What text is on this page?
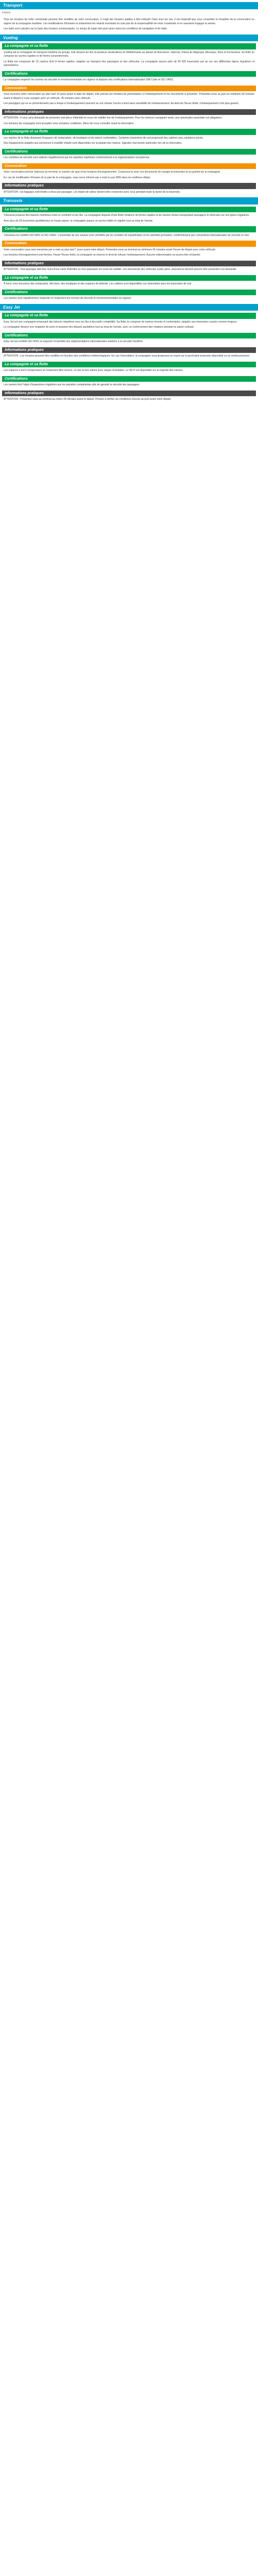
Transport
4 items

Tous les horaires de cette commande peuvent être modifiés de votre convocation. Il s'agit des horaires publiés à titre indicatif. Dans tous les cas, il est impératif que vous consultiez la réception de la convocation ou auprès de la compagnie maritime. Les modifications d'horaires et notamment les retards éventuels ne sont pas de la responsabilité de votre croisiériste et ne sauraient engager la sienne.

Les tarifs sont calculés sur la base des horaires communiqués. Le temps de trajet réel peut varier selon les conditions de navigation et de trafic.

Vueling
La compagnie et sa flotte

Vueling est la compagnie de transport maritime du groupe. Elle dessert les îles et plusieurs destinations en Méditerranée au départ de Barcelone, Valencia, Palma de Majorque, Minorque, Ibiza et Formentera. Sa flotte se compose de navires rapides et de ferries conventionnels.

La flotte est composée de 22 navires dont 8 ferries rapides, adaptés au transport des passagers et des véhicules. La compagnie assure près de 40 000 traversées par an sur ses différentes lignes régulières et saisonnières.

Certifications

La compagnie respecte les normes de sécurité et environnementales en vigueur et dispose des certifications internationales ISM Code et ISO 14001.

Convocation

Vous recevrez votre convocation au plus tard 10 jours avant la date de départ. Elle précise les horaires de présentation à l'embarquement et les documents à présenter. Présentez-vous au port au minimum 90 minutes avant le départ si vous voyagez avec un véhicule, 45 minutes sans véhicule.

Les passagers qui ne se présenteraient pas à temps à l'embarquement pourront se voir refuser l'accès à bord sans possibilité de remboursement. Au-delà de l'heure limite, l'embarquement n'est plus garanti.

Informations pratiques

ATTENTION : Il vous sera demandé de présenter une pièce d'identité en cours de validité lors de l'embarquement. Pour les mineurs voyageant seuls, une autorisation parentale est obligatoire.

Les animaux de compagnie sont acceptés sous certaines conditions. Merci de nous consulter avant la réservation.

La compagnie et sa flotte

Les navires de la flotte disposent d'espaces de restauration, de boutiques et de salons confortables. Certaines traversées de nuit proposent des cabines avec sanitaires privés.

Des équipements adaptés aux personnes à mobilité réduite sont disponibles sur la plupart des navires. Signalez tout besoin particulier lors de la réservation.

Certifications

Les contrôles de sécurité sont réalisés régulièrement par les autorités maritimes conformément à la réglementation européenne.

Convocation

Votre convocation précise l'adresse du terminal, le numéro de quai et les horaires d'enregistrement. Conservez-la avec vos documents de voyage et présentez-la au guichet de la compagnie.

En cas de modification d'horaire de la part de la compagnie, vous serez informé par e-mail ou par SMS dans les meilleurs délais.

Informations pratiques

ATTENTION : les bagages sont limités à deux par passager. Les objets de valeur doivent être conservés avec vous pendant toute la durée de la traversée.

Transavia
La compagnie et sa flotte

Transavia propose des liaisons maritimes entre le continent et les îles. La compagnie dispose d'une flotte moderne de ferries rapides et de navires mixtes transportant passagers et véhicules sur ses lignes régulières.

Avec plus de 35 traversées quotidiennes en haute saison, la compagnie assure un service fiable et régulier tout au long de l'année.

Certifications

Transavia est certifiée ISO 9001 et ISO 14001. L'ensemble de ses navires sont contrôlés par les sociétés de classification et les autorités portuaires, conformément aux conventions internationales de sécurité en mer.

Convocation

Votre convocation vous sera transmise par e-mail au plus tard 7 jours avant votre départ. Présentez-vous au terminal au minimum 60 minutes avant l'heure de départ avec votre véhicule.

Les horaires d'enregistrement sont fermes. Passé l'heure limite, la compagnie se réserve le droit de refuser l'embarquement. Aucune indemnisation ne pourra être réclamée.

Informations pratiques

ATTENTION : Tout passager doit être muni d'une carte d'identité ou d'un passeport en cours de validité. Les documents des véhicules (carte grise, assurance) doivent pouvoir être présentés à la demande.

La compagnie et sa flotte

À bord, vous trouverez des restaurants, des bars, des boutiques et des espaces de détente. Les cabines sont disponibles sur réservation pour les traversées de nuit.

Certifications

Les navires sont régulièrement inspectés et respectent les normes de sécurité et environnementales en vigueur.

Easy Jet
La compagnie et sa flotte

Easy Jet est une compagnie proposant des liaisons régulières vers les îles à des tarifs compétitifs. Sa flotte se compose de navires récents et confortables, adaptés aux traversées courtes comme longues.

La compagnie dessert une vingtaine de ports et propose des départs quotidiens tout au long de l'année, avec un renforcement des rotations pendant la saison estivale.

Certifications

Easy Jet est certifiée ISO 9001 et respecte l'ensemble des réglementations internationales relatives à la sécurité maritime.

Informations pratiques

ATTENTION : Les horaires peuvent être modifiés en fonction des conditions météorologiques. En cas d'annulation, la compagnie vous proposera un report sur la prochaine traversée disponible ou un remboursement.

La compagnie et sa flotte

Les espaces à bord comprennent un restaurant libre-service, un bar et des salons avec sièges inclinables. Le Wi-Fi est disponible sur la majorité des navires.

Certifications

Les navires font l'objet d'inspections régulières par les autorités compétentes afin de garantir la sécurité des passagers.

Informations pratiques

ATTENTION : Présentez-vous au terminal au moins 45 minutes avant le départ. Pensez à vérifier les conditions d'accès au port avant votre départ.
